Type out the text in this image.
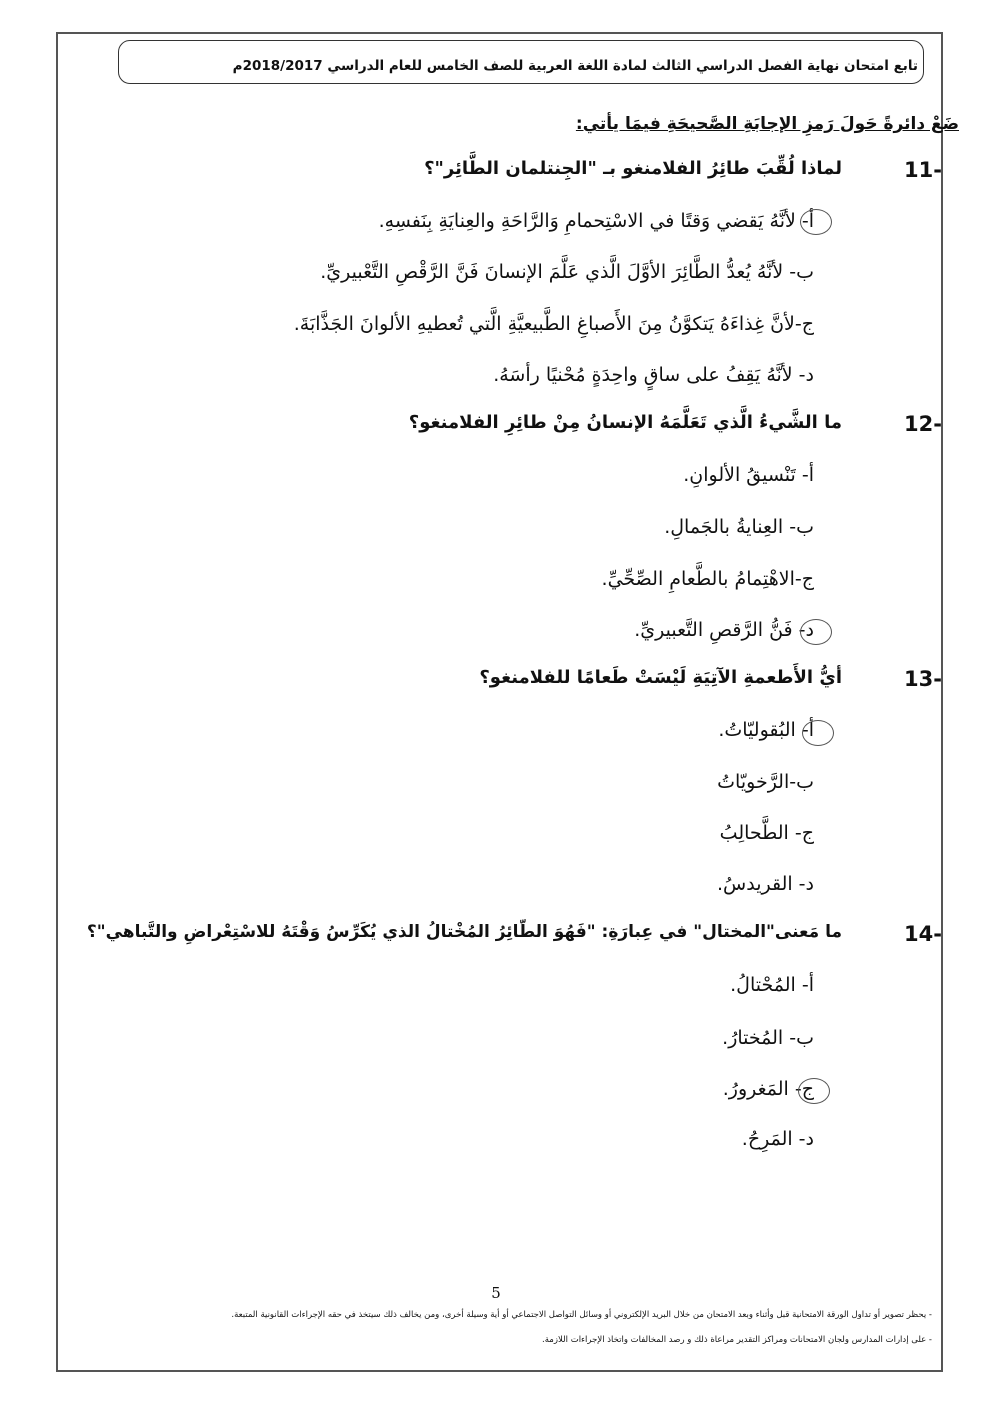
تابع امتحان نهاية الفصل الدراسي الثالث لمادة اللغة العربية للصف الخامس للعام الدراسي 2018/2017م
ضَعْ دائرةً حَولَ رَمزِ الإجابَةِ الصَّحيحَةِ فيمَا يأتي:
11-
لماذا لُقِّبَ طائِرُ الفلامنغو بـ "الجِنتلمان الطَّائِر"؟
أ- لأنَّهُ يَقضي وَقتًا في الاسْتِحمامِ وَالرَّاحَةِ والعِنايَةِ بِنَفسِهِ.
ب- لأنَّهُ يُعدُّ الطَّائِرَ الأوَّلَ الَّذي عَلَّمَ الإنسانَ فَنَّ الرَّقْصِ التَّعْبيريِّ.
ج-لأنَّ غِذاءَهُ يَتكوَّنُ مِنَ الأَصباغِ الطَّبيعيَّةِ الَّتي تُعطيهِ الألوانَ الجَذَّابَةَ.
د- لأنَّهُ يَقِفُ على ساقٍ واحِدَةٍ مُحْنيًا رأسَهُ.
12-
ما الشَّيءُ الَّذي تَعَلَّمَهُ الإنسانُ مِنْ طائِرِ الفلامنغو؟
أ- تَنْسيقُ الألوانِ.
ب- العِنايةُ بالجَمالِ.
ج-الاهْتِمامُ بالطَّعامِ الصِّحِّيِّ.
د- فَنُّ الرَّقصِ التَّعبيريِّ.
13-
أيُّ الأَطعمةِ الآتِيَةِ لَيْسَتْ طَعامًا للفلامنغو؟
أ- البُقوليّاتُ.
ب-الرَّخويّاتُ
ج- الطَّحالِبُ
د- القريدسُ.
14-
ما مَعنى"المختال" في عِبارَةِ: "فَهُوَ الطّائِرُ المُخْتالُ الذي يُكَرِّسُ وَقْتَهُ للاسْتِعْراضِ والتَّباهي"؟
أ- المُحْتالُ.
ب- المُختارُ.
ج- المَغرورُ.
د- المَرِحُ.
5
- يحظر تصوير أو تداول الورقة الامتحانية قبل وأثناء وبعد الامتحان من خلال البريد الإلكتروني أو وسائل التواصل الاجتماعي أو أية وسيلة أخرى، ومن يخالف ذلك سيتخذ في حقه الإجراءات القانونية المتبعة.
- على إدارات المدارس ولجان الامتحانات ومراكز التقدير مراعاة ذلك و رصد المخالفات واتخاذ الإجراءات اللازمة.
